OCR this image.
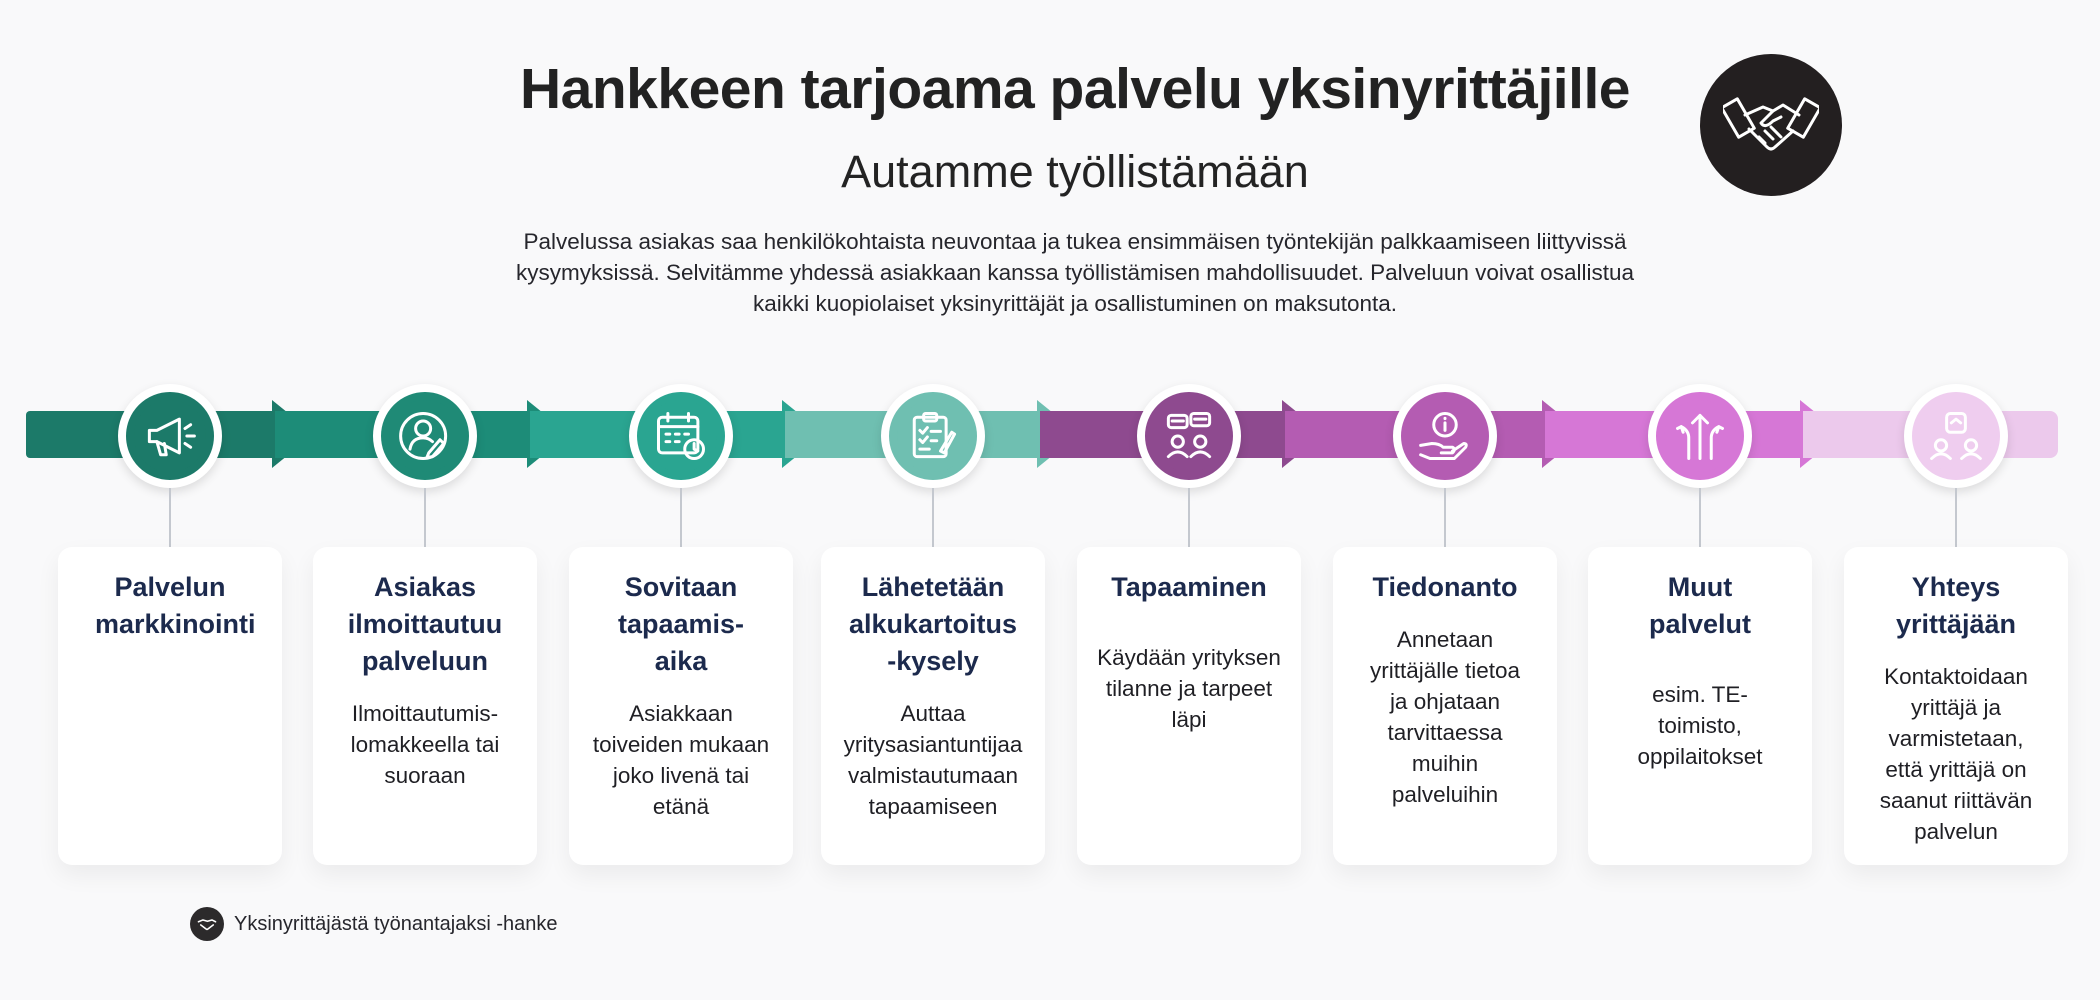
Hankkeen tarjoama palvelu yksinyrittäjille
Autamme työllistämään
Palvelussa asiakas saa henkilökohtaista neuvontaa ja tukea ensimmäisen työntekijän palkkaamiseen liittyvissä kysymyksissä. Selvitämme yhdessä asiakkaan kanssa työllistämisen mahdollisuudet. Palveluun voivat osallistua kaikki kuopiolaiset yksinyrittäjät ja osallistuminen on maksutonta.
Palvelun markkinointi
Asiakas ilmoittautuu palveluun
Ilmoittautumis-lomakkeella tai suoraan
Sovitaan tapaamis-aika
Asiakkaan toiveiden mukaan joko livenä tai etänä
Lähetetään alkukartoitus -kysely
Auttaa yritysasiantuntijaa valmistautumaan tapaamiseen
Tapaaminen
Käydään yrityksen tilanne ja tarpeet läpi
Tiedonanto
Annetaan yrittäjälle tietoa ja ohjataan tarvittaessa muihin palveluihin
Muut palvelut
esim. TE-toimisto, oppilaitokset
Yhteys yrittäjään
Kontaktoidaan yrittäjä ja varmistetaan, että yrittäjä on saanut riittävän palvelun
Yksinyrittäjästä työnantajaksi -hanke
